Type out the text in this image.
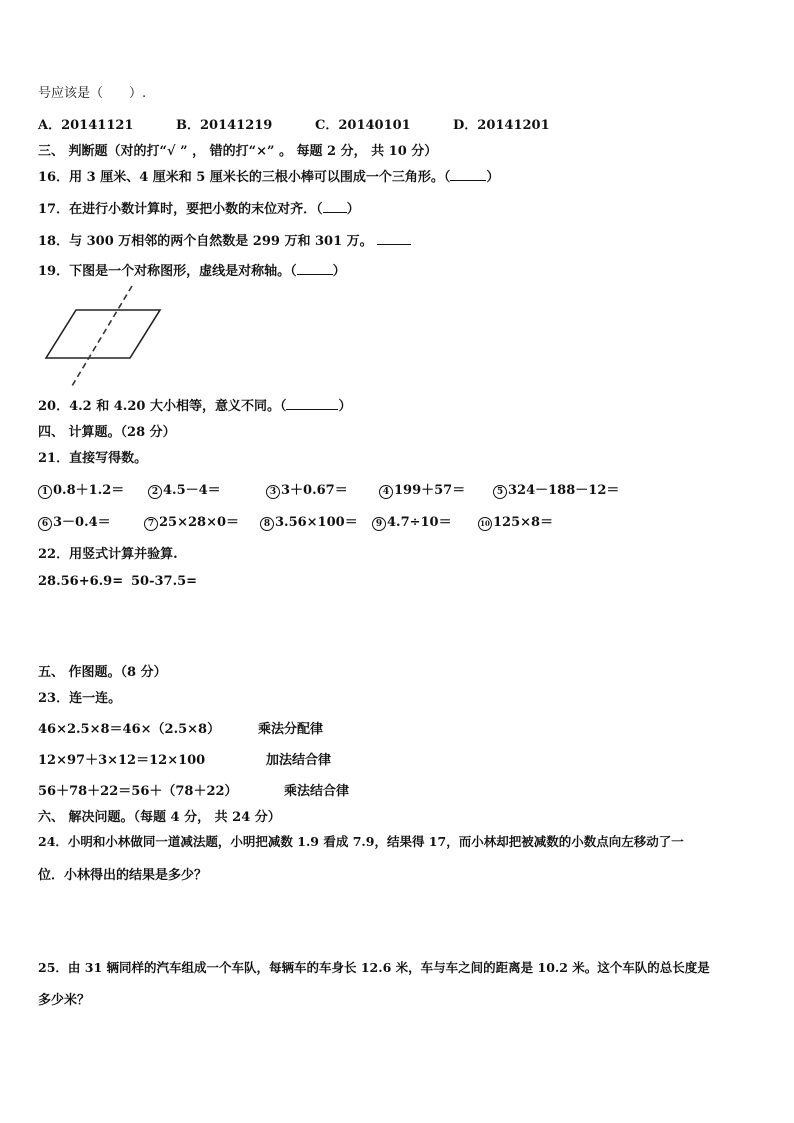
号应该是（　　）.
A．20141121	B．20141219	C．20140101	D．20141201
三、 判断题（对的打“√ ” ， 错的打“×” 。 每题 2 分， 共 10 分）
16．用 3 厘米、4 厘米和 5 厘米长的三根小棒可以围成一个三角形。（	）
17．在进行小数计算时，要把小数的末位对齐．（ ）
18．与 300 万相邻的两个自然数是 299 万和 301 万。
19．下图是一个对称图形，虚线是对称轴。（	）
20．4.2 和 4.20 大小相等，意义不同。（	）
四、 计算题。（28 分）
21．直接写得数。
1 0.8＋1.2＝	2 4.5－4＝	3 3＋0.67＝	4 199＋57＝	5 324－188－12＝
6 3－0.4＝	7 25×28×0＝	8 3.56×100＝	9 4.7÷10＝	10 125×8＝
22．用竖式计算并验算.
28.56+6.9= 50-37.5=
五、 作图题。（8 分）
23．连一连。
46×2.5×8＝46×（2.5×8）	乘法分配律
12×97＋3×12＝12×100	加法结合律
56＋78＋22＝56＋（78＋22）	乘法结合律
六、 解决问题。（每题 4 分， 共 24 分）
24．小明和小林做同一道减法题，小明把减数 1.9 看成 7.9，结果得 17，而小林却把被减数的小数点向左移动了一
位．小林得出的结果是多少？
25．由 31 辆同样的汽车组成一个车队，每辆车的车身长 12.6 米，车与车之间的距离是 10.2 米。这个车队的总长度是
多少米？
